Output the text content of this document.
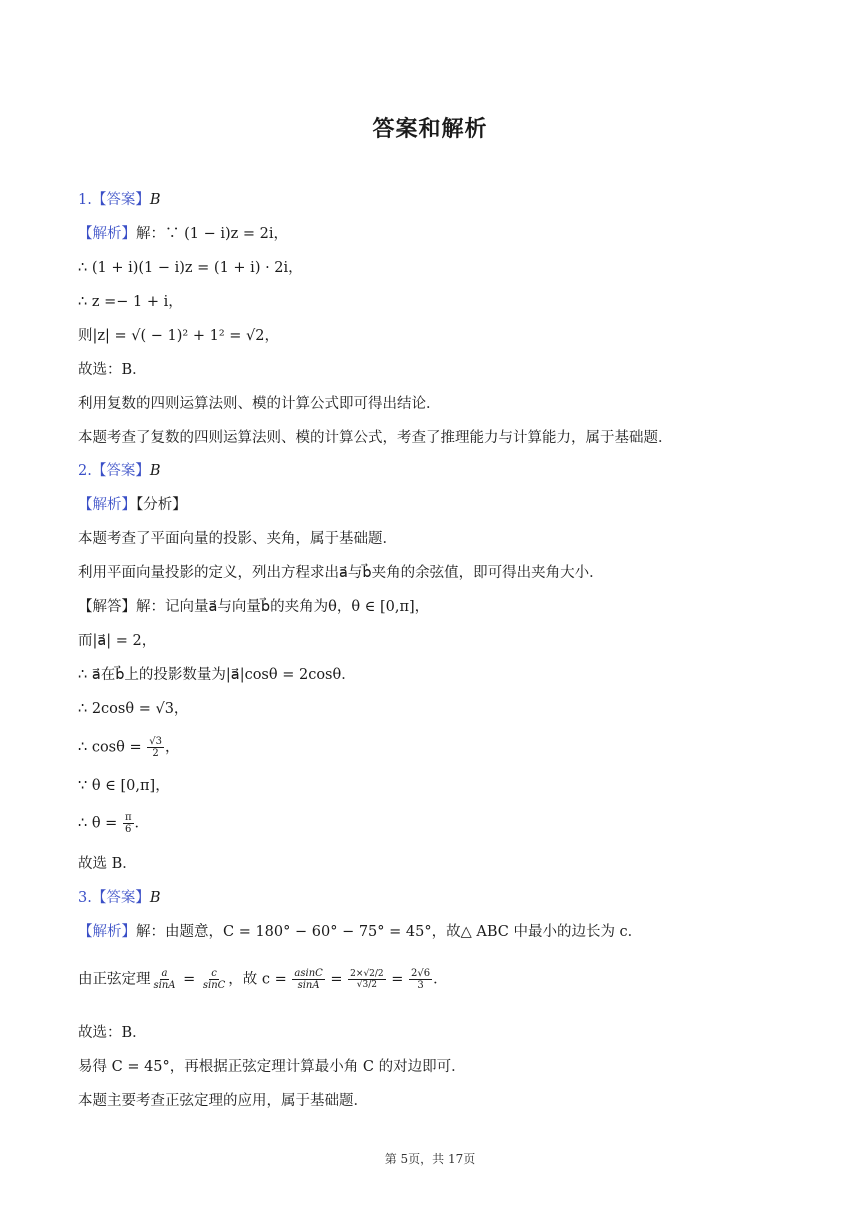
答案和解析
1.【答案】B
【解析】解：∵ (1 − i)z = 2i，
∴ (1 + i)(1 − i)z = (1 + i) · 2i，
∴ z =− 1 + i，
则|z| = √( − 1)² + 1² = √2，
故选：B．
利用复数的四则运算法则、模的计算公式即可得出结论．
本题考查了复数的四则运算法则、模的计算公式，考查了推理能力与计算能力，属于基础题．
2.【答案】B
【解析】【分析】
本题考查了平面向量的投影、夹角，属于基础题．
利用平面向量投影的定义，列出方程求出a⃗与b⃗夹角的余弦值，即可得出夹角大小．
【解答】解：记向量a⃗与向量b⃗的夹角为θ，θ ∈ [0,π]，
而|a⃗| = 2，
∴ a⃗在b⃗上的投影数量为|a⃗|cosθ = 2cosθ．
∴ 2cosθ = √3，
∴ $\cos\theta = \frac{√3}{2}$ ，
∵ θ ∈ [0,π]，
∴ $\theta = \frac{\pi}{6}$ ．
故选 B．
3.【答案】B
【解析】解：由题意，C = 180° − 60° − 75° = 45°，故△ ABC 中最小的边长为 c．
由正弦定理 $\frac{a}{\sin A} = \frac{c}{\sin C}$ ，故 $c = \frac{asinC}{\sin A} = \frac{2\times√2/2}{√3/2} = \frac{2√6}{3}$ ．
故选：B．
易得 C = 45°，再根据正弦定理计算最小角 C 的对边即可．
本题主要考查正弦定理的应用，属于基础题．
第 5页，共 17页
